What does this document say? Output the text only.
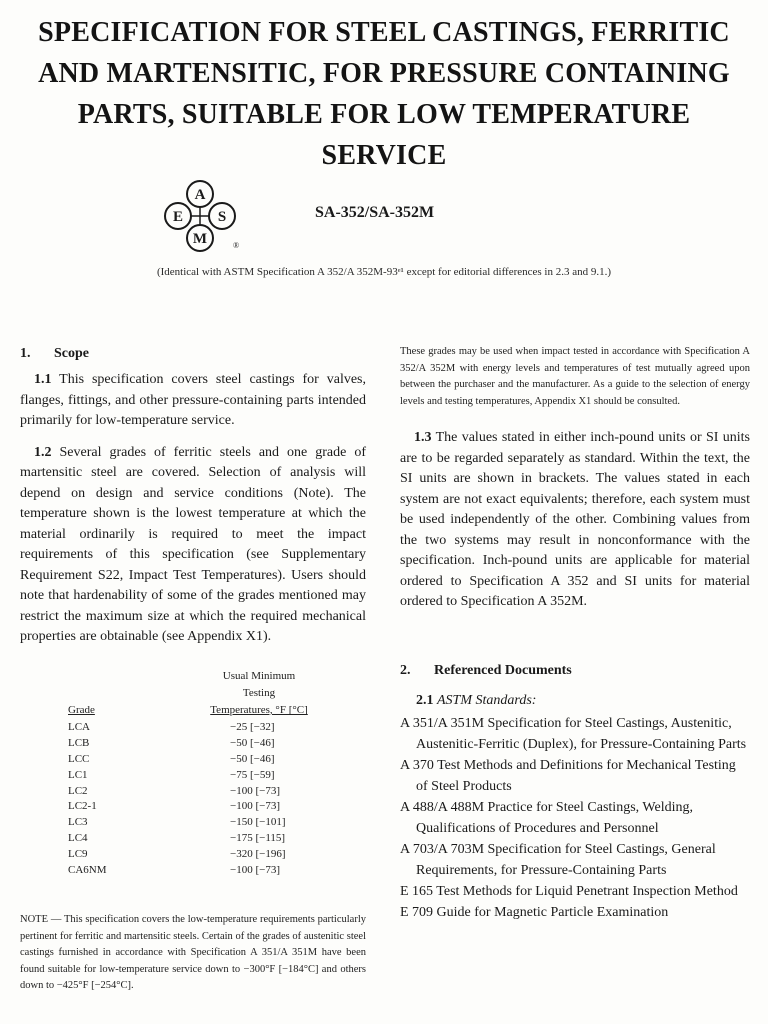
SPECIFICATION FOR STEEL CASTINGS, FERRITIC
AND MARTENSITIC, FOR PRESSURE CONTAINING
PARTS, SUITABLE FOR LOW TEMPERATURE
SERVICE
A
E S
M	®
SA-352/SA-352M
(Identical with ASTM Specification A 352/A 352M-93ᵉ¹ except for editorial differences in 2.3 and 9.1.)

1. Scope

1.1 This specification covers steel castings for valves, flanges, fittings, and other pressure-containing parts intended primarily for low-temperature service.

1.2 Several grades of ferritic steels and one grade of martensitic steel are covered. Selection of analysis will depend on design and service conditions (Note). The temperature shown is the lowest temperature at which the material ordinarily is required to meet the impact requirements of this specification (see Supplementary Requirement S22, Impact Test Temperatures). Users should note that hardenability of some of the grades mentioned may restrict the maximum size at which the required mechanical properties are obtainable (see Appendix X1).

Grade
Usual Minimum
Testing
Temperatures, °F [°C]
LCA	−25 [−32]
LCB	−50 [−46]
LCC	−50 [−46]
LC1	−75 [−59]
LC2	−100 [−73]
LC2-1	−100 [−73]
LC3	−150 [−101]
LC4	−175 [−115]
LC9	−320 [−196]
CA6NM	−100 [−73]

NOTE — This specification covers the low-temperature requirements particularly pertinent for ferritic and martensitic steels. Certain of the grades of austenitic steel castings furnished in accordance with Specification A 351/A 351M have been found suitable for low-temperature service down to −300°F [−184°C] and others down to −425°F [−254°C].

These grades may be used when impact tested in accordance with Specification A 352/A 352M with energy levels and temperatures of test mutually agreed upon between the purchaser and the manufacturer. As a guide to the selection of energy levels and testing temperatures, Appendix X1 should be consulted.

1.3 The values stated in either inch-pound units or SI units are to be regarded separately as standard. Within the text, the SI units are shown in brackets. The values stated in each system are not exact equivalents; therefore, each system must be used independently of the other. Combining values from the two systems may result in nonconformance with the specification. Inch-pound units are applicable for material ordered to Specification A 352 and SI units for material ordered to Specification A 352M.

2. Referenced Documents

2.1 ASTM Standards:

A 351/A 351M Specification for Steel Castings, Austenitic, Austenitic-Ferritic (Duplex), for Pressure-Containing Parts
A 370 Test Methods and Definitions for Mechanical Testing of Steel Products
A 488/A 488M Practice for Steel Castings, Welding, Qualifications of Procedures and Personnel
A 703/A 703M Specification for Steel Castings, General Requirements, for Pressure-Containing Parts
E 165 Test Methods for Liquid Penetrant Inspection Method
E 709 Guide for Magnetic Particle Examination
